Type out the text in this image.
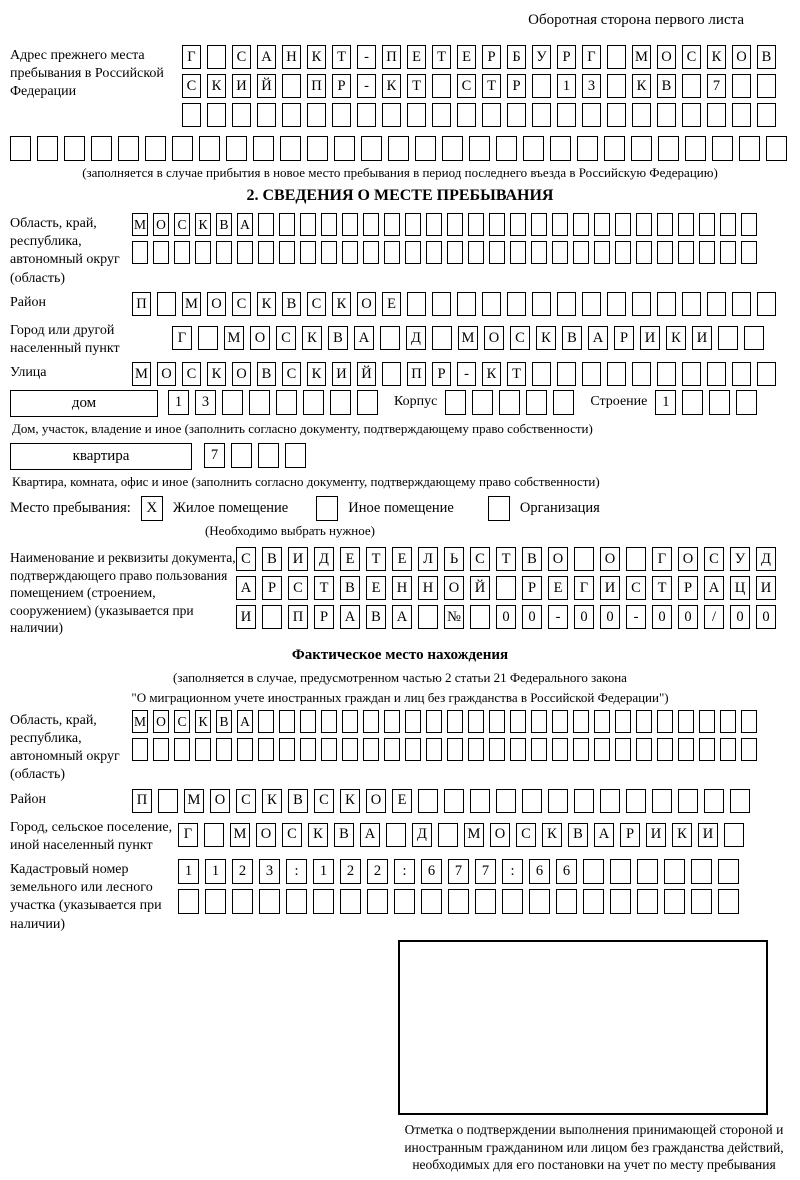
Оборотная сторона первого листа
Адрес прежнего места пребывания в Российской Федерации
Г	С	А Н	К	Т	-	П	Е	Т	Е	Р	Б	У	Р	Г	М О	С	К	О	В
С	К	И Й	П	Р	-	К	Т	С	Т	Р	1	3	К	В	7
(заполняется в случае прибытия в новое место пребывания в период последнего въезда в Российскую Федерацию)
2. СВЕДЕНИЯ О МЕСТЕ ПРЕБЫВАНИЯ
Область, край, республика, автономный округ (область)
М О С К В А
Район	П	М О	С	К	В	С	К	О	Е
Город или другой населенный пункт
Г	М О	С	К	В	А	Д	М О	С	К	В	А	Р	И	К	И
Улица	М О	С	К	О	В	С	К	И Й	П	Р	-	К	Т
дом	1	3	Корпус	Строение	1
Дом, участок, владение и иное (заполнить согласно документу, подтверждающему право собственности)
квартира	7
Квартира, комната, офис и иное (заполнить согласно документу, подтверждающему право собственности)
Место пребывания:	X	Жилое помещение	Иное помещение	Организация
(Необходимо выбрать нужное)
Наименование и реквизиты документа, подтверждающего право пользования помещением (строением, сооружением) (указывается при наличии)
С	В	И	Д	Е	Т	Е	Л	Ь	С	Т	В	О	О	Г	О	С	У	Д
А	Р	С	Т	В	Е	Н	Н	О	Й	Р	Е	Г	И	С	Т	Р	А	Ц	И
И	П	Р	А	В	А	№	0	0	-	0	0	-	0	0	/	0	0
Фактическое место нахождения
(заполняется в случае, предусмотренном частью 2 статьи 21 Федерального закона
"О миграционном учете иностранных граждан и лиц без гражданства в Российской Федерации")
Область, край, республика, автономный округ (область)
М О С К В А
Район	П	М О	С	К	В	С	К	О	Е
Город, сельское поселение, иной населенный пункт
Г	М О	С	К	В	А	Д	М О	С	К	В	А	Р	И	К	И
Кадастровый номер земельного или лесного участка (указывается при наличии)
1	1	2	3	:	1	2	2	:	6	7	7	:	6	6
Отметка о подтверждении выполнения принимающей стороной и иностранным гражданином или лицом без гражданства действий, необходимых для его постановки на учет по месту пребывания
